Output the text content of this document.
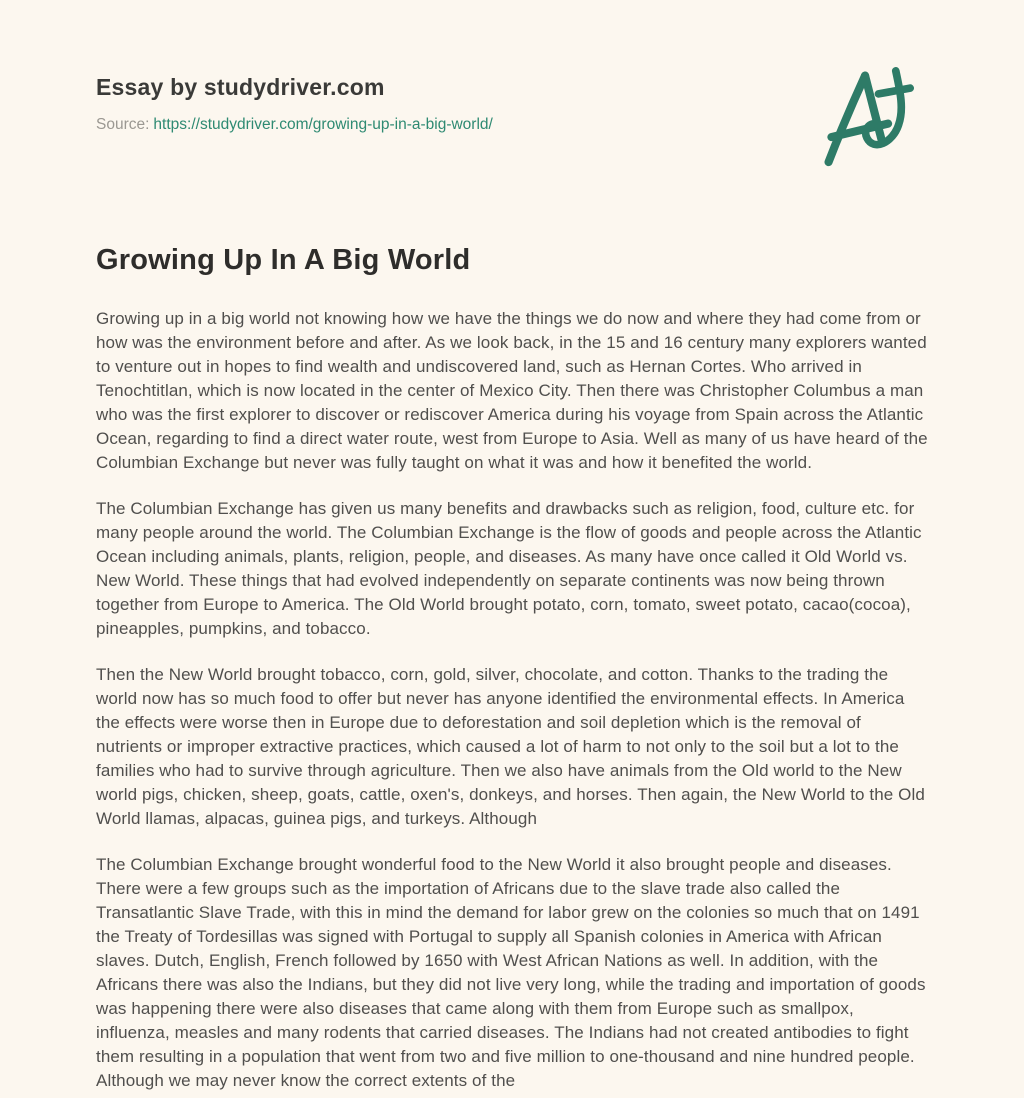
Essay by studydriver.com
Source: https://studydriver.com/growing-up-in-a-big-world/
Growing Up In A Big World

Growing up in a big world not knowing how we have the things we do now and where they had come from or how was the environment before and after. As we look back, in the 15 and 16 century many explorers wanted to venture out in hopes to find wealth and undiscovered land, such as Hernan Cortes. Who arrived in Tenochtitlan, which is now located in the center of Mexico City. Then there was Christopher Columbus a man who was the first explorer to discover or rediscover America during his voyage from Spain across the Atlantic Ocean, regarding to find a direct water route, west from Europe to Asia. Well as many of us have heard of the Columbian Exchange but never was fully taught on what it was and how it benefited the world.

The Columbian Exchange has given us many benefits and drawbacks such as religion, food, culture etc. for many people around the world. The Columbian Exchange is the flow of goods and people across the Atlantic Ocean including animals, plants, religion, people, and diseases. As many have once called it Old World vs. New World. These things that had evolved independently on separate continents was now being thrown together from Europe to America. The Old World brought potato, corn, tomato, sweet potato, cacao(cocoa), pineapples, pumpkins, and tobacco.

Then the New World brought tobacco, corn, gold, silver, chocolate, and cotton. Thanks to the trading the world now has so much food to offer but never has anyone identified the environmental effects. In America the effects were worse then in Europe due to deforestation and soil depletion which is the removal of nutrients or improper extractive practices, which caused a lot of harm to not only to the soil but a lot to the families who had to survive through agriculture. Then we also have animals from the Old world to the New world pigs, chicken, sheep, goats, cattle, oxen's, donkeys, and horses. Then again, the New World to the Old World llamas, alpacas, guinea pigs, and turkeys. Although

The Columbian Exchange brought wonderful food to the New World it also brought people and diseases. There were a few groups such as the importation of Africans due to the slave trade also called the Transatlantic Slave Trade, with this in mind the demand for labor grew on the colonies so much that on 1491 the Treaty of Tordesillas was signed with Portugal to supply all Spanish colonies in America with African slaves. Dutch, English, French followed by 1650 with West African Nations as well. In addition, with the Africans there was also the Indians, but they did not live very long, while the trading and importation of goods was happening there were also diseases that came along with them from Europe such as smallpox, influenza, measles and many rodents that carried diseases. The Indians had not created antibodies to fight them resulting in a population that went from two and five million to one-thousand and nine hundred people. Although we may never know the correct extents of the
